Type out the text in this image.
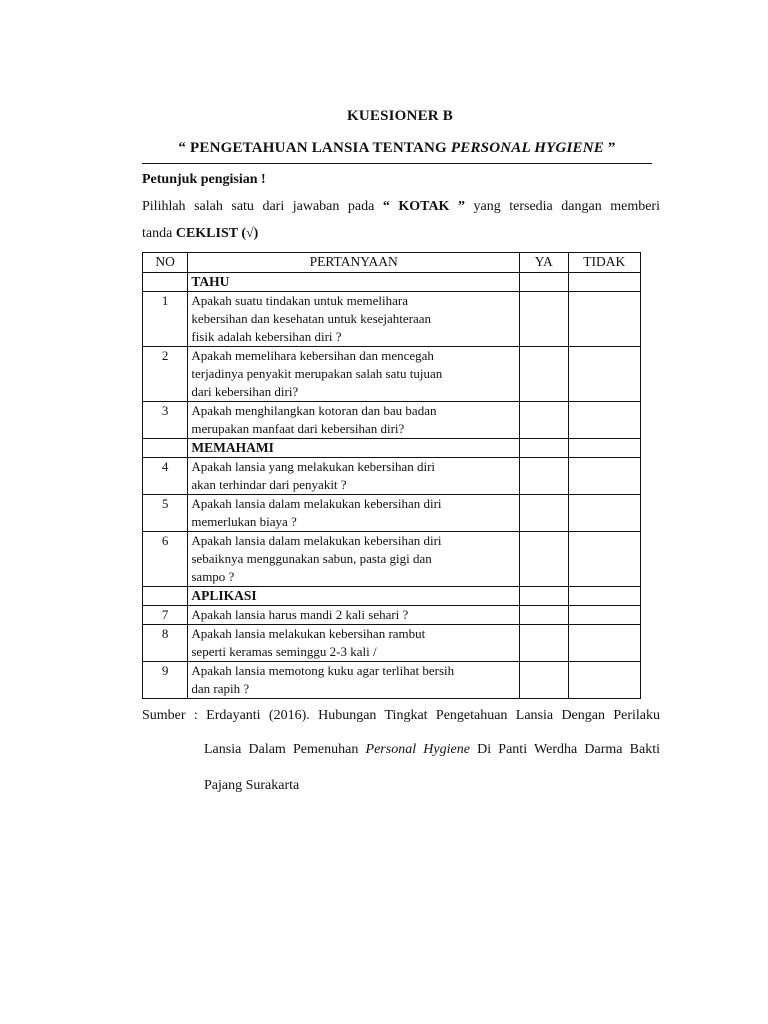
KUESIONER B
“ PENGETAHUAN LANSIA TENTANG PERSONAL HYGIENE ”
Petunjuk pengisian !
Pilihlah salah satu dari jawaban pada “ KOTAK ” yang tersedia dangan memberi
tanda CEKLIST (√)
NO	PERTANYAAN	YA	TIDAK
	TAHU		
1	Apakah suatu tindakan untuk memelihara
kebersihan dan kesehatan untuk kesejahteraan
fisik adalah kebersihan diri ?		

2	Apakah memelihara kebersihan dan mencegah
terjadinya penyakit merupakan salah satu tujuan
dari kebersihan diri?		

3	Apakah menghilangkan kotoran dan bau badan
merupakan manfaat dari kebersihan diri?		

	MEMAHAMI		
4	Apakah lansia yang melakukan kebersihan diri
akan terhindar dari penyakit ?		

5	Apakah lansia dalam melakukan kebersihan diri
memerlukan biaya ?		

6	Apakah lansia dalam melakukan kebersihan diri
sebaiknya menggunakan sabun, pasta gigi dan
sampo ?		

	APLIKASI		
7	Apakah lansia harus mandi 2 kali sehari ?		

8	Apakah lansia melakukan kebersihan rambut
seperti keramas seminggu 2-3 kali /		

9	Apakah lansia memotong kuku agar terlihat bersih
dan rapih ?		

Sumber : Erdayanti (2016). Hubungan Tingkat Pengetahuan Lansia Dengan Perilaku
Lansia Dalam Pemenuhan Personal Hygiene Di Panti Werdha Darma Bakti
Pajang Surakarta
